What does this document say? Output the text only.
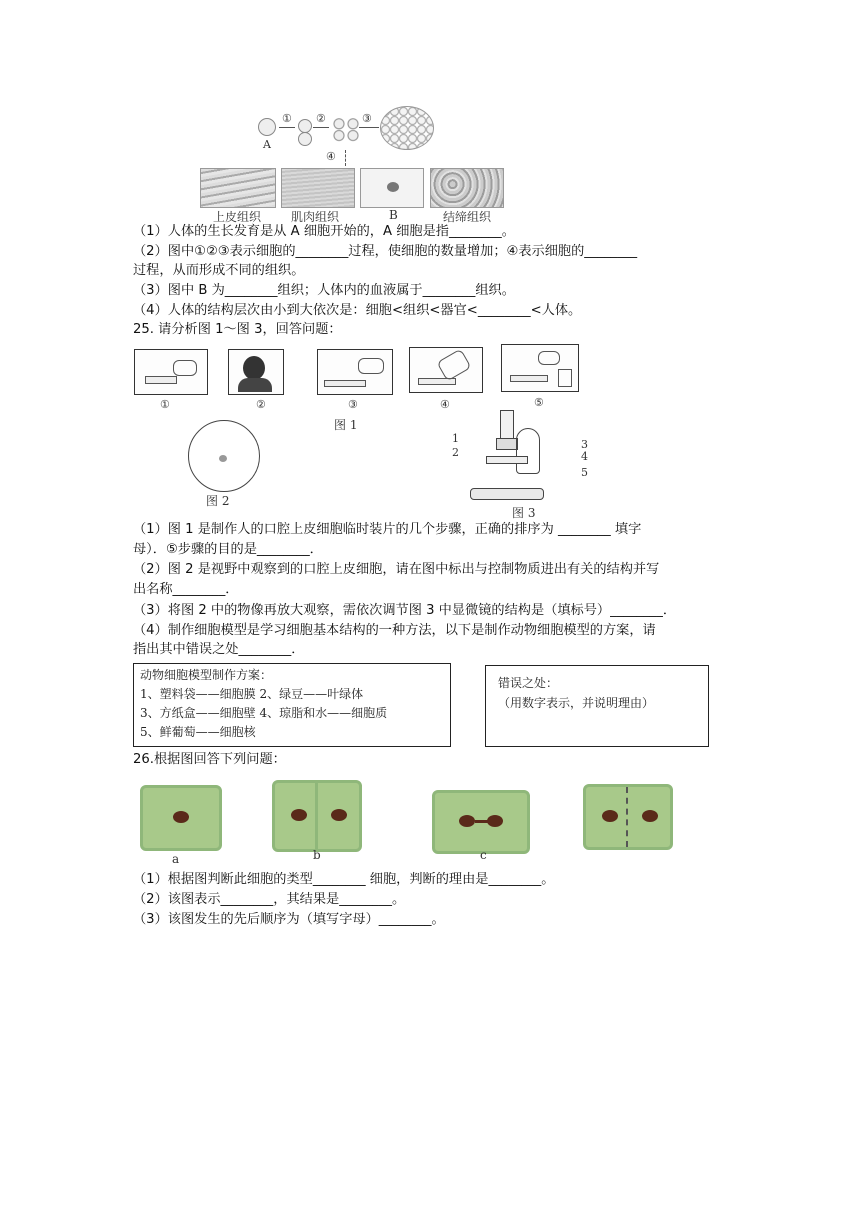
A
① ②	③
④
上皮组织 肌肉组织	B	结缔组织
（1）人体的生长发育是从 A 细胞开始的，A 细胞是指________。
（2）图中①②③表示细胞的________过程，使细胞的数量增加；④表示细胞的________
过程，从而形成不同的组织。
（3）图中 B 为________组织；人体内的血液属于________组织。
（4）人体的结构层次由小到大依次是：细胞<组织<器官<________<人体。
25. 请分析图 1～图 3，回答问题：
①	②	③	④	⑤
图 1
图 2
1
2
3
4
5
图 3
（1）图 1 是制作人的口腔上皮细胞临时装片的几个步骤，正确的排序为 ________ 填字
母）．⑤步骤的目的是________．
（2）图 2 是视野中观察到的口腔上皮细胞，请在图中标出与控制物质进出有关的结构并写
出名称________．
（3）将图 2 中的物像再放大观察，需依次调节图 3 中显微镜的结构是（填标号）________．
（4）制作细胞模型是学习细胞基本结构的一种方法，以下是制作动物细胞模型的方案，请
指出其中错误之处________．
动物细胞模型制作方案：
1、塑料袋——细胞膜 2、绿豆——叶绿体
3、方纸盒——细胞壁 4、琼脂和水——细胞质
5、鲜葡萄——细胞核
错误之处：
（用数字表示，并说明理由）
26.根据图回答下列问题：
a	b	c
（1）根据图判断此细胞的类型________ 细胞，判断的理由是________。
（2）该图表示________，其结果是________。
（3）该图发生的先后顺序为（填写字母）________。
